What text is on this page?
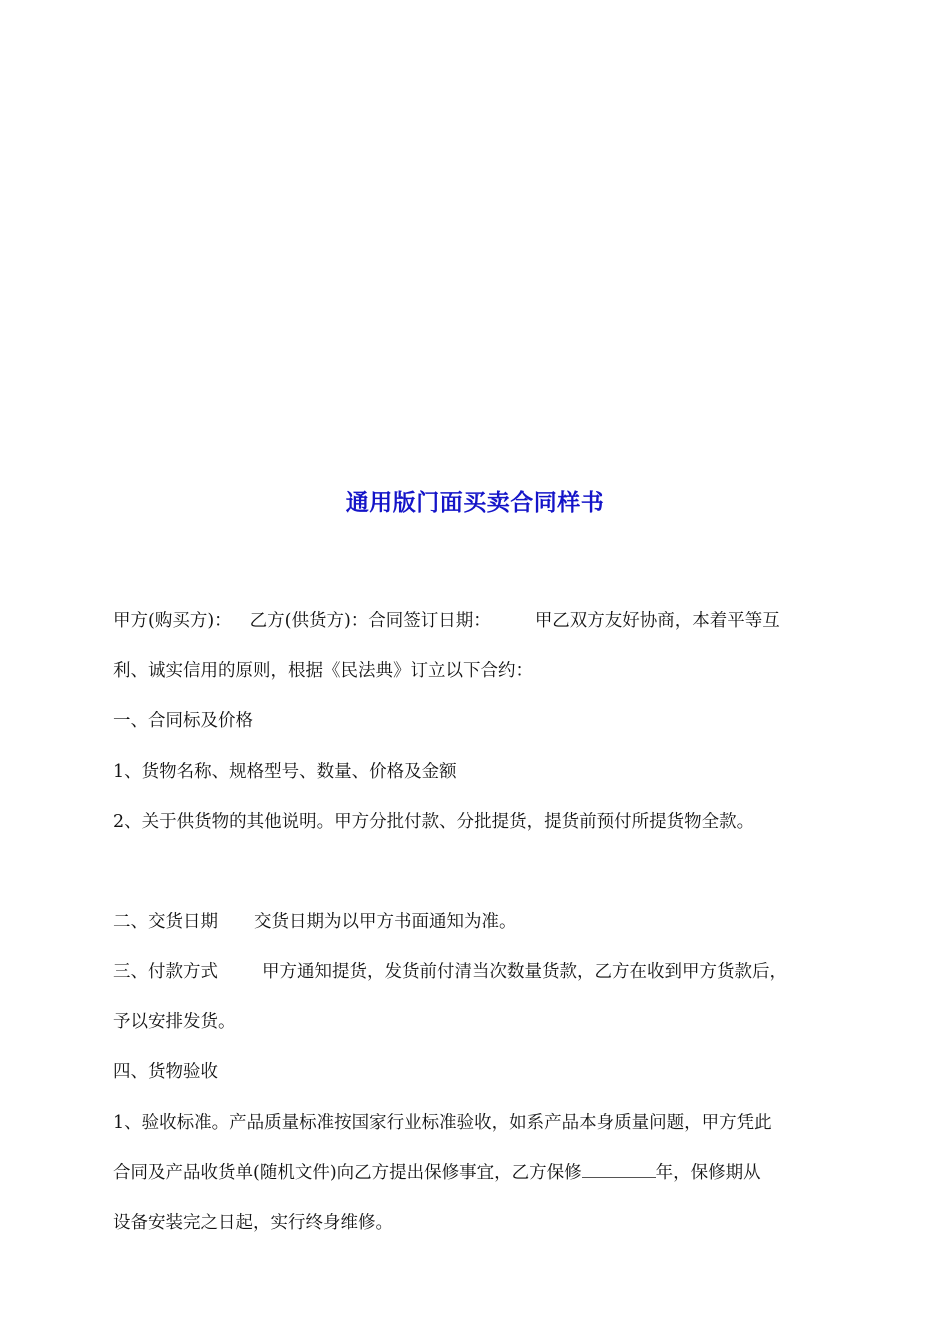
通用版门面买卖合同样书
甲方(购买方)： 乙方(供货方)：合同签订日期：	甲乙双方友好协商，本着平等互
利、诚实信用的原则，根据《民法典》订立以下合约：
一、合同标及价格
1、货物名称、规格型号、数量、价格及金额
2、关于供货物的其他说明。甲方分批付款、分批提货，提货前预付所提货物全款。
二、交货日期 交货日期为以甲方书面通知为准。
三、付款方式	甲方通知提货，发货前付清当次数量货款，乙方在收到甲方货款后，
予以安排发货。
四、货物验收
1、验收标准。产品质量标准按国家行业标准验收，如系产品本身质量问题，甲方凭此
合同及产品收货单(随机文件)向乙方提出保修事宜，乙方保修	年，保修期从
设备安装完之日起，实行终身维修。
